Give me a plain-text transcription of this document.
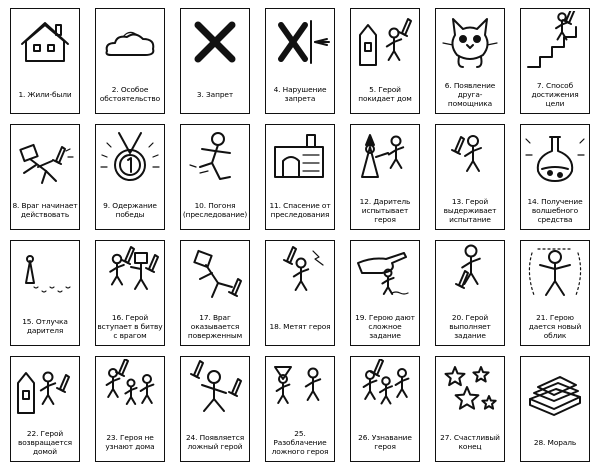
1. Жили-были	2. Особое обстоятельство	3. Запрет	4. Нарушение запрета
5. Герой покидает дом
6. Появление друга-помощника
7. Способ достижения цели
8. Враг начинает действовать
9. Одержание победы
10. Погоня (преследование)
11. Спасение от преследования
12. Даритель испытывает героя
13. Герой выдерживает испытание
14. Получение волшебного средства
15. Отлучка дарителя
16. Герой вступает в битву с врагом
17. Враг оказывается поверженным
18. Метят героя
19. Герою дают сложное задание
20. Герой выполняет задание
21. Герою дается новый облик
22. Герой возвращается домой
23. Героя не узнают дома
24. Появляется ложный герой
25. Разоблачение ложного героя
26. Узнавание героя
27. Счастливый конец	28. Мораль
